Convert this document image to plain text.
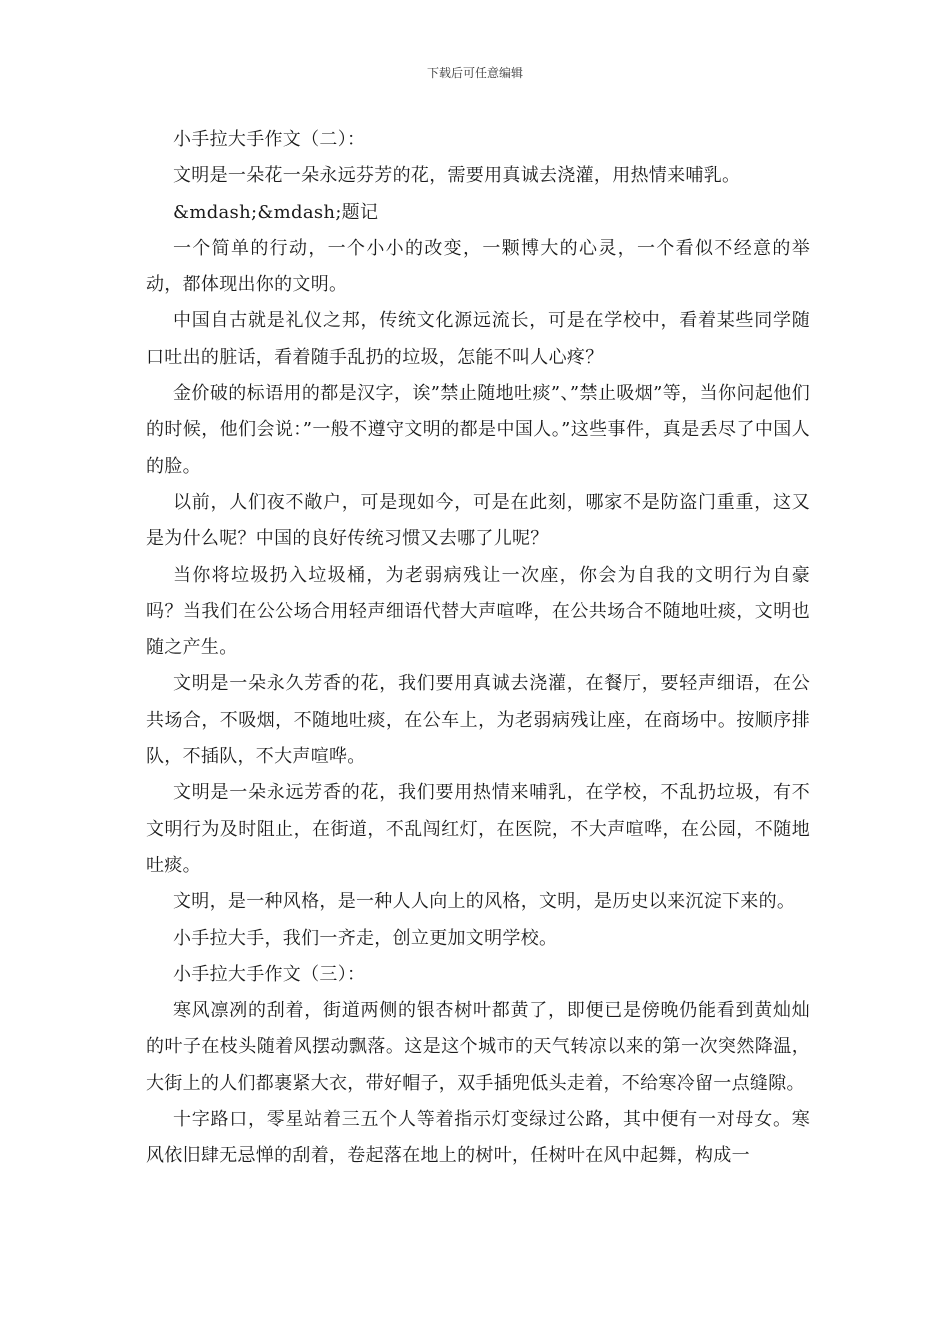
下载后可任意编辑

小手拉大手作文（二）：

文明是一朵花一朵永远芬芳的花，需要用真诚去浇灌，用热情来哺乳。

&mdash;&mdash;题记

一个简单的行动，一个小小的改变，一颗博大的心灵，一个看似不经意的举动，都体现出你的文明。

中国自古就是礼仪之邦，传统文化源远流长，可是在学校中，看着某些同学随口吐出的脏话，看着随手乱扔的垃圾，怎能不叫人心疼？

金价破的标语用的都是汉字，诶”禁止随地吐痰”、”禁止吸烟”等，当你问起他们的时候，他们会说：”一般不遵守文明的都是中国人。”这些事件，真是丢尽了中国人的脸。

以前，人们夜不敞户，可是现如今，可是在此刻，哪家不是防盗门重重，这又是为什么呢？中国的良好传统习惯又去哪了儿呢？

当你将垃圾扔入垃圾桶，为老弱病残让一次座，你会为自我的文明行为自豪吗？当我们在公公场合用轻声细语代替大声喧哗，在公共场合不随地吐痰，文明也随之产生。

文明是一朵永久芳香的花，我们要用真诚去浇灌，在餐厅，要轻声细语，在公共场合，不吸烟，不随地吐痰，在公车上，为老弱病残让座，在商场中。按顺序排队，不插队，不大声喧哗。

文明是一朵永远芳香的花，我们要用热情来哺乳，在学校，不乱扔垃圾，有不文明行为及时阻止，在街道，不乱闯红灯，在医院，不大声喧哗，在公园，不随地吐痰。

文明，是一种风格，是一种人人向上的风格，文明，是历史以来沉淀下来的。

小手拉大手，我们一齐走，创立更加文明学校。

小手拉大手作文（三）：

寒风凛冽的刮着，街道两侧的银杏树叶都黄了，即便已是傍晚仍能看到黄灿灿的叶子在枝头随着风摆动飘落。这是这个城市的天气转凉以来的第一次突然降温，大街上的人们都裹紧大衣，带好帽子，双手插兜低头走着，不给寒冷留一点缝隙。

十字路口，零星站着三五个人等着指示灯变绿过公路，其中便有一对母女。寒风依旧肆无忌惮的刮着，卷起落在地上的树叶，任树叶在风中起舞，构成一
